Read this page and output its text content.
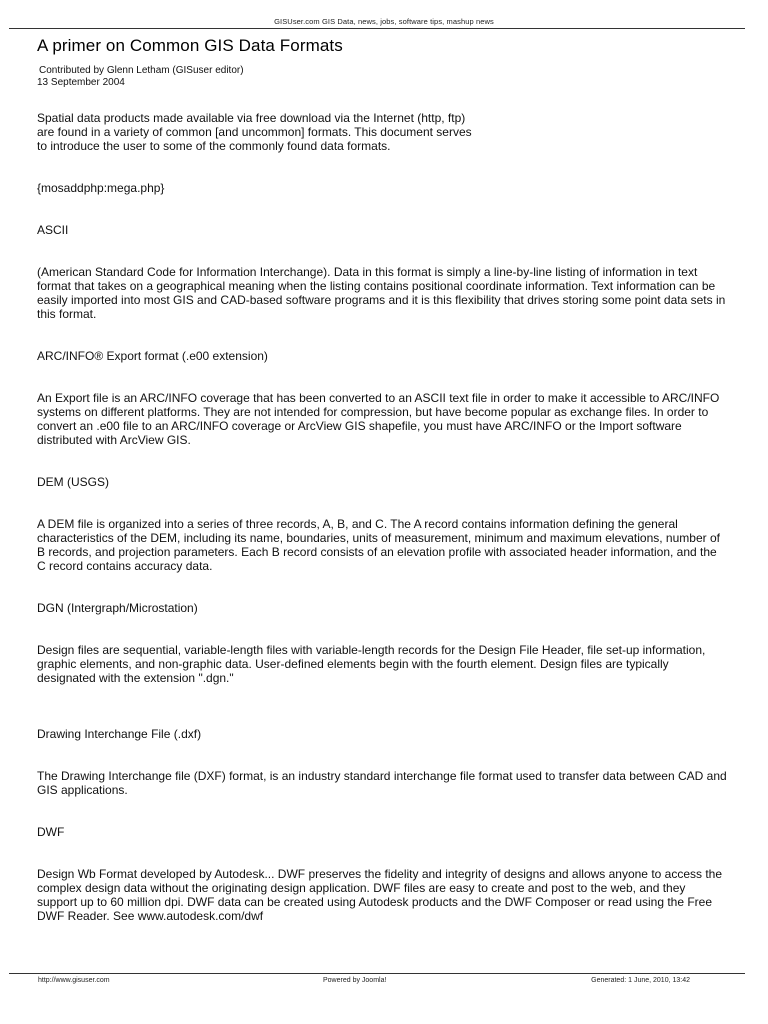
GISUser.com GIS Data, news, jobs, software tips, mashup news
A primer on Common GIS Data Formats
Contributed by Glenn Letham (GISuser editor)
13 September 2004

Spatial data products made available via free download via the Internet (http, ftp) are found in a variety of common [and uncommon] formats. This document serves to introduce the user to some of the commonly found data formats.

{mosaddphp:mega.php}

ASCII

(American Standard Code for Information Interchange). Data in this format is simply a line-by-line listing of information in text format that takes on a geographical meaning when the listing contains positional coordinate information. Text information can be easily imported into most GIS and CAD-based software programs and it is this flexibility that drives storing some point data sets in this format.

ARC/INFO® Export format (.e00 extension)

An Export file is an ARC/INFO coverage that has been converted to an ASCII text file in order to make it accessible to ARC/INFO systems on different platforms. They are not intended for compression, but have become popular as exchange files. In order to convert an .e00 file to an ARC/INFO coverage or ArcView GIS shapefile, you must have ARC/INFO or the Import software distributed with ArcView GIS.

DEM (USGS)

A DEM file is organized into a series of three records, A, B, and C. The A record contains information defining the general characteristics of the DEM, including its name, boundaries, units of measurement, minimum and maximum elevations, number of B records, and projection parameters. Each B record consists of an elevation profile with associated header information, and the C record contains accuracy data.

DGN (Intergraph/Microstation)

Design files are sequential, variable-length files with variable-length records for the Design File Header, file set-up information, graphic elements, and non-graphic data. User-defined elements begin with the fourth element. Design files are typically designated with the extension ".dgn."

Drawing Interchange File (.dxf)

The Drawing Interchange file (DXF) format, is an industry standard interchange file format used to transfer data between CAD and GIS applications.

DWF

Design Wb Format developed by Autodesk... DWF preserves the fidelity and integrity of designs and allows anyone to access the complex design data without the originating design application. DWF files are easy to create and post to the web, and they support up to 60 million dpi. DWF data can be created using Autodesk products and the DWF Composer or read using the Free DWF Reader. See www.autodesk.com/dwf

http://www.gisuser.com	Powered by Joomla!	Generated: 1 June, 2010, 13:42
